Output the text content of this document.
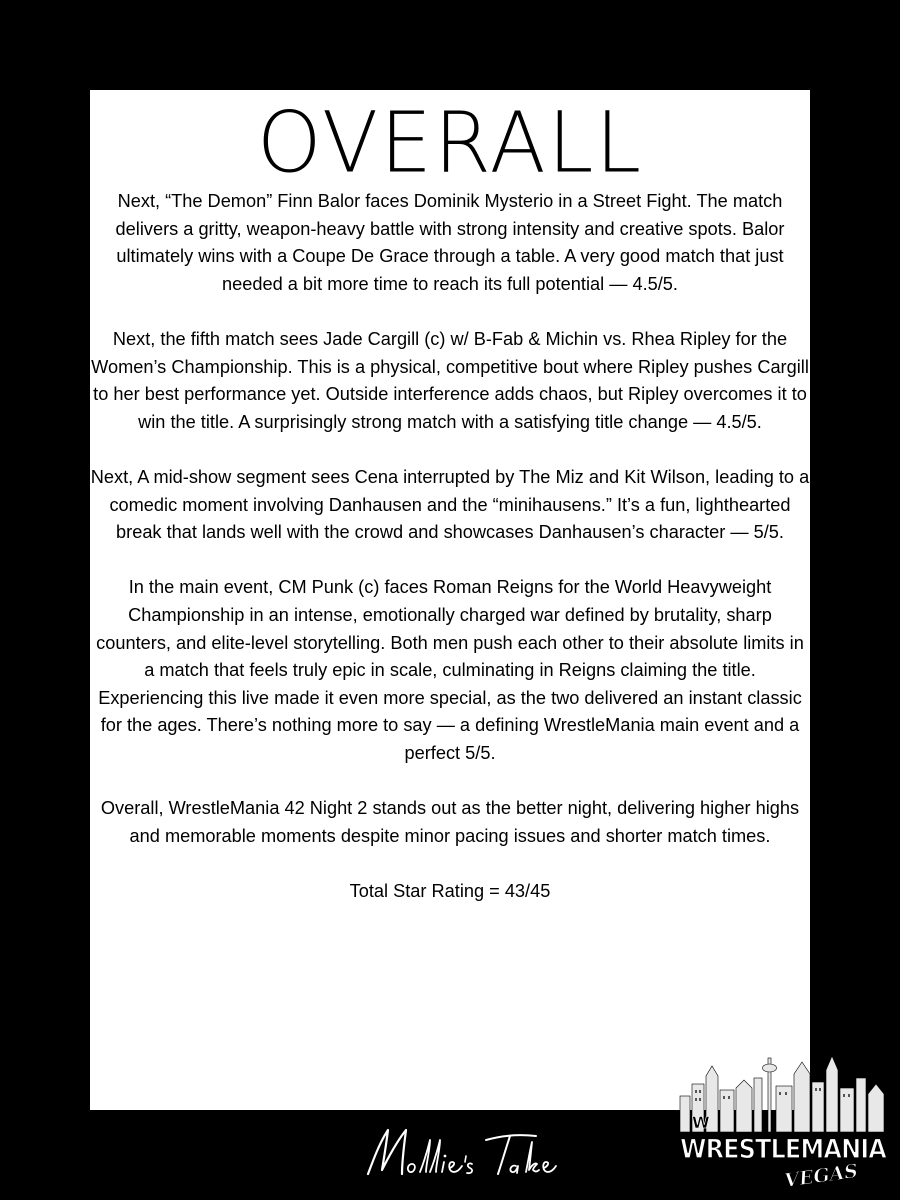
OVERALL

Next, “The Demon” Finn Balor faces Dominik Mysterio in a Street Fight. The match delivers a gritty, weapon-heavy battle with strong intensity and creative spots. Balor ultimately wins with a Coupe De Grace through a table. A very good match that just needed a bit more time to reach its full potential — 4.5/5.

Next, the fifth match sees Jade Cargill (c) w/ B-Fab & Michin vs. Rhea Ripley for the Women’s Championship. This is a physical, competitive bout where Ripley pushes Cargill to her best performance yet. Outside interference adds chaos, but Ripley overcomes it to win the title. A surprisingly strong match with a satisfying title change — 4.5/5.

Next, A mid-show segment sees Cena interrupted by The Miz and Kit Wilson, leading to a comedic moment involving Danhausen and the “minihausens.” It’s a fun, lighthearted break that lands well with the crowd and showcases Danhausen’s character — 5/5.

In the main event, CM Punk (c) faces Roman Reigns for the World Heavyweight Championship in an intense, emotionally charged war defined by brutality, sharp counters, and elite-level storytelling. Both men push each other to their absolute limits in a match that feels truly epic in scale, culminating in Reigns claiming the title. Experiencing this live made it even more special, as the two delivered an instant classic for the ages. There’s nothing more to say — a defining WrestleMania main event and a perfect 5/5.

Overall, WrestleMania 42 Night 2 stands out as the better night, delivering higher highs and memorable moments despite minor pacing issues and shorter match times.

Total Star Rating = 43/45

W
WRESTLEMANIA
VEGAS
